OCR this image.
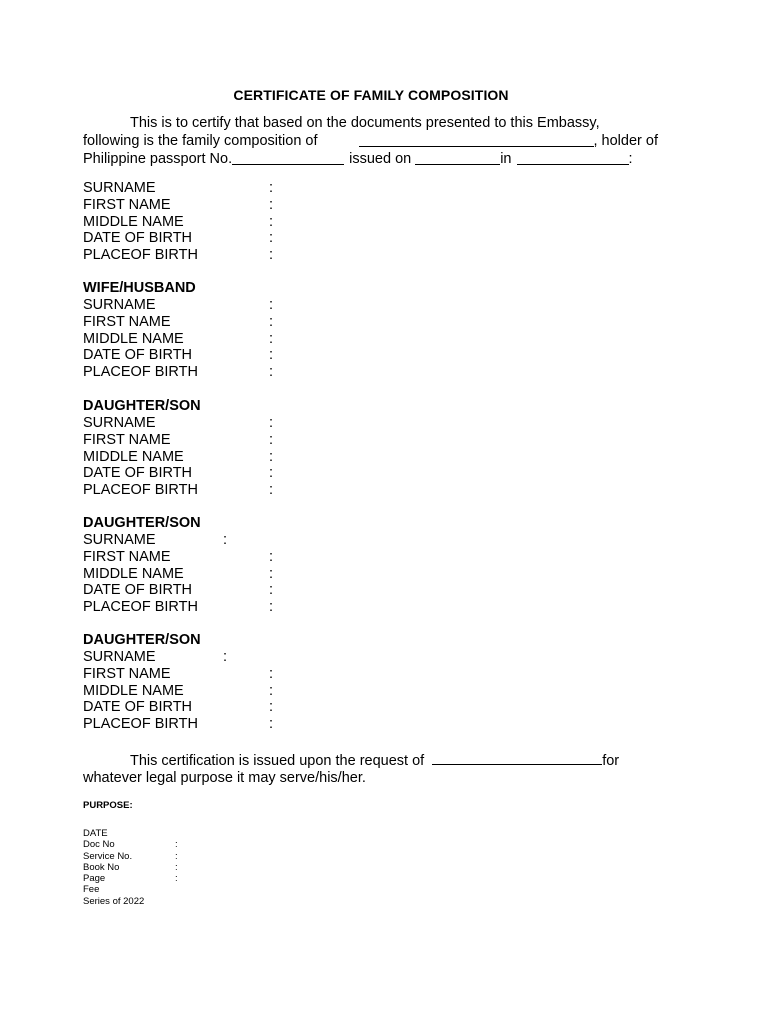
CERTIFICATE OF FAMILY COMPOSITION
This is to certify that based on the documents presented to this Embassy,
following is the family composition of	, holder of
Philippine passport No.	issued on	in	:
SURNAME	:
FIRST NAME	:
MIDDLE NAME	:
DATE OF BIRTH	:
PLACEOF BIRTH	:
WIFE/HUSBAND
SURNAME	:
FIRST NAME	:
MIDDLE NAME	:
DATE OF BIRTH	:
PLACEOF BIRTH	:
DAUGHTER/SON
SURNAME	:
FIRST NAME	:
MIDDLE NAME	:
DATE OF BIRTH	:
PLACEOF BIRTH	:
DAUGHTER/SON
SURNAME	:
FIRST NAME	:
MIDDLE NAME	:
DATE OF BIRTH	:
PLACEOF BIRTH	:
DAUGHTER/SON
SURNAME	:
FIRST NAME	:
MIDDLE NAME	:
DATE OF BIRTH	:
PLACEOF BIRTH	:
This certification is issued upon the request of	for
whatever legal purpose it may serve/his/her.
PURPOSE:
DATE
Doc No	:
Service No.	:
Book No	:
Page	:
Fee
Series of 2022
